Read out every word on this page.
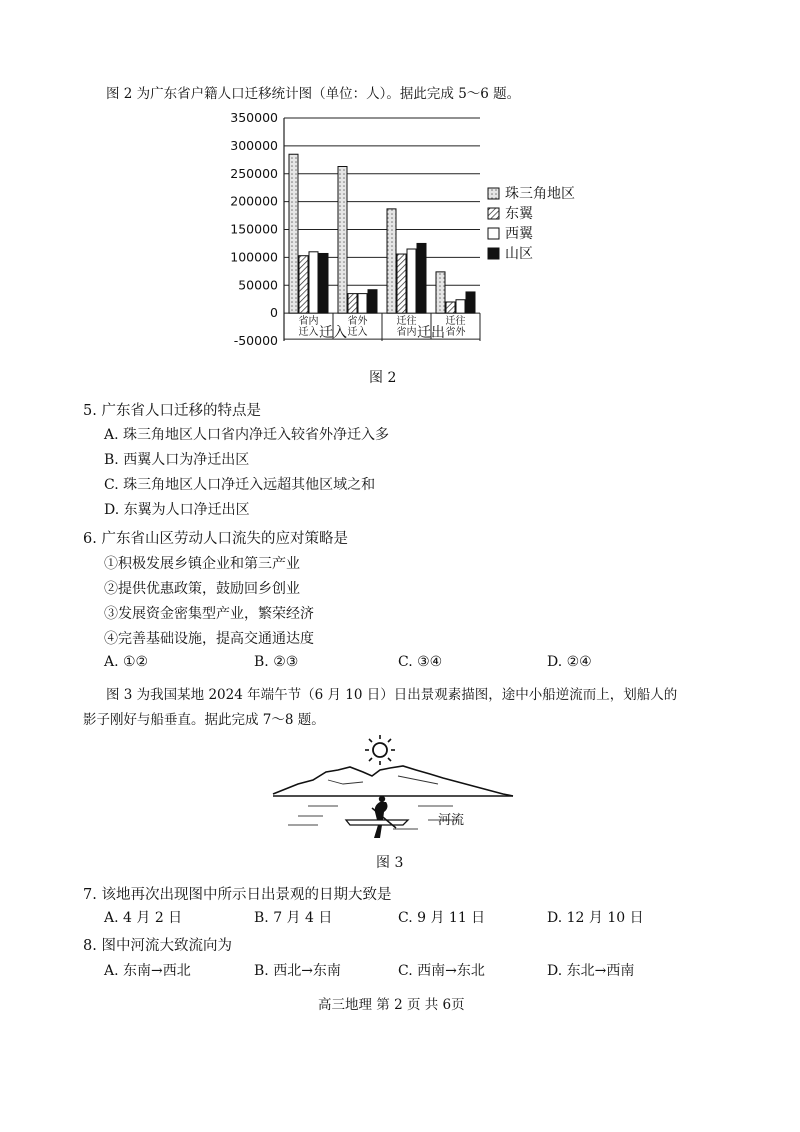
图 2 为广东省户籍人口迁移统计图（单位：人）。据此完成 5～6 题。
350000
300000
250000
200000
150000
100000
50000
0
-50000
省内
迁入
省外
迁入
迁往
省内
迁往
省外
迁入	迁出
珠三角地区
东翼
西翼
山区
图 2
5. 广东省人口迁移的特点是
A. 珠三角地区人口省内净迁入较省外净迁入多
B. 西翼人口为净迁出区
C. 珠三角地区人口净迁入远超其他区域之和
D. 东翼为人口净迁出区
6. 广东省山区劳动人口流失的应对策略是
①积极发展乡镇企业和第三产业
②提供优惠政策，鼓励回乡创业
③发展资金密集型产业，繁荣经济
④完善基础设施，提高交通通达度
A. ①②	B. ②③	C. ③④	D. ②④
图 3 为我国某地 2024 年端午节（6 月 10 日）日出景观素描图，途中小船逆流而上，划船人的
影子刚好与船垂直。据此完成 7～8 题。
河流
图 3
7. 该地再次出现图中所示日出景观的日期大致是
A. 4 月 2 日	B. 7 月 4 日	C. 9 月 11 日	D. 12 月 10 日
8. 图中河流大致流向为
A. 东南→西北	B. 西北→东南	C. 西南→东北	D. 东北→西南
高三地理 第 2 页 共 6页
